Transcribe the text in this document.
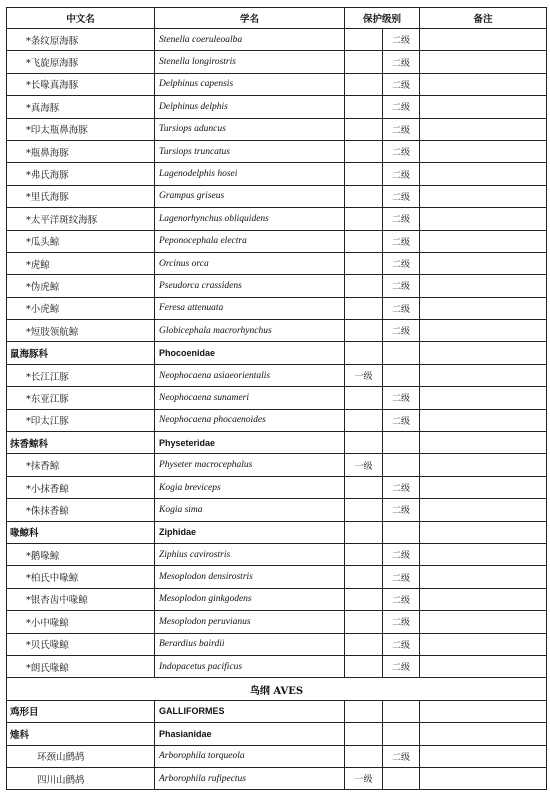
中文名	学名	保护级别		备注
*条纹原海豚	Stenella coeruleoalba		二级	
*飞旋原海豚	Stenella longirostris		二级	
*长喙真海豚	Delphinus capensis		二级	
*真海豚	Delphinus delphis		二级	
*印太瓶鼻海豚	Tursiops aduncus		二级	
*瓶鼻海豚	Tursiops truncatus		二级	
*弗氏海豚	Lagenodelphis hosei		二级	
*里氏海豚	Grampus griseus		二级	
*太平洋斑纹海豚	Lagenorhynchus obliquidens		二级	
*瓜头鲸	Peponocephala electra		二级	
*虎鲸	Orcinus orca		二级	
*伪虎鲸	Pseudorca crassidens		二级	
*小虎鲸	Feresa attenuata		二级	
*短肢领航鲸	Globicephala macrorhynchus		二级	
鼠海豚科	Phocoenidae			
*长江江豚	Neophocaena asiaeorientalis	一级		
*东亚江豚	Neophocaena sunameri		二级	
*印太江豚	Neophocaena phocaenoides		二级	
抹香鲸科	Physeteridae			
*抹香鲸	Physeter macrocephalus	一级		
*小抹香鲸	Kogia breviceps		二级	
*侏抹香鲸	Kogia sima		二级	
喙鲸科	Ziphidae			
*鹅喙鲸	Ziphius cavirostris		二级	
*柏氏中喙鲸	Mesoplodon densirostris		二级	
*银杏齿中喙鲸	Mesoplodon ginkgodens		二级	
*小中喙鲸	Mesoplodon peruvianus		二级	
*贝氏喙鲸	Berardius bairdii		二级	
*朗氏喙鲸	Indopacetus pacificus		二级	
鸟纲 AVES				
鸡形目	GALLIFORMES			
雉科	Phasianidae			
环颈山鹧鸪	Arborophila torqueola		二级	
四川山鹧鸪	Arborophila rufipectus	一级		
